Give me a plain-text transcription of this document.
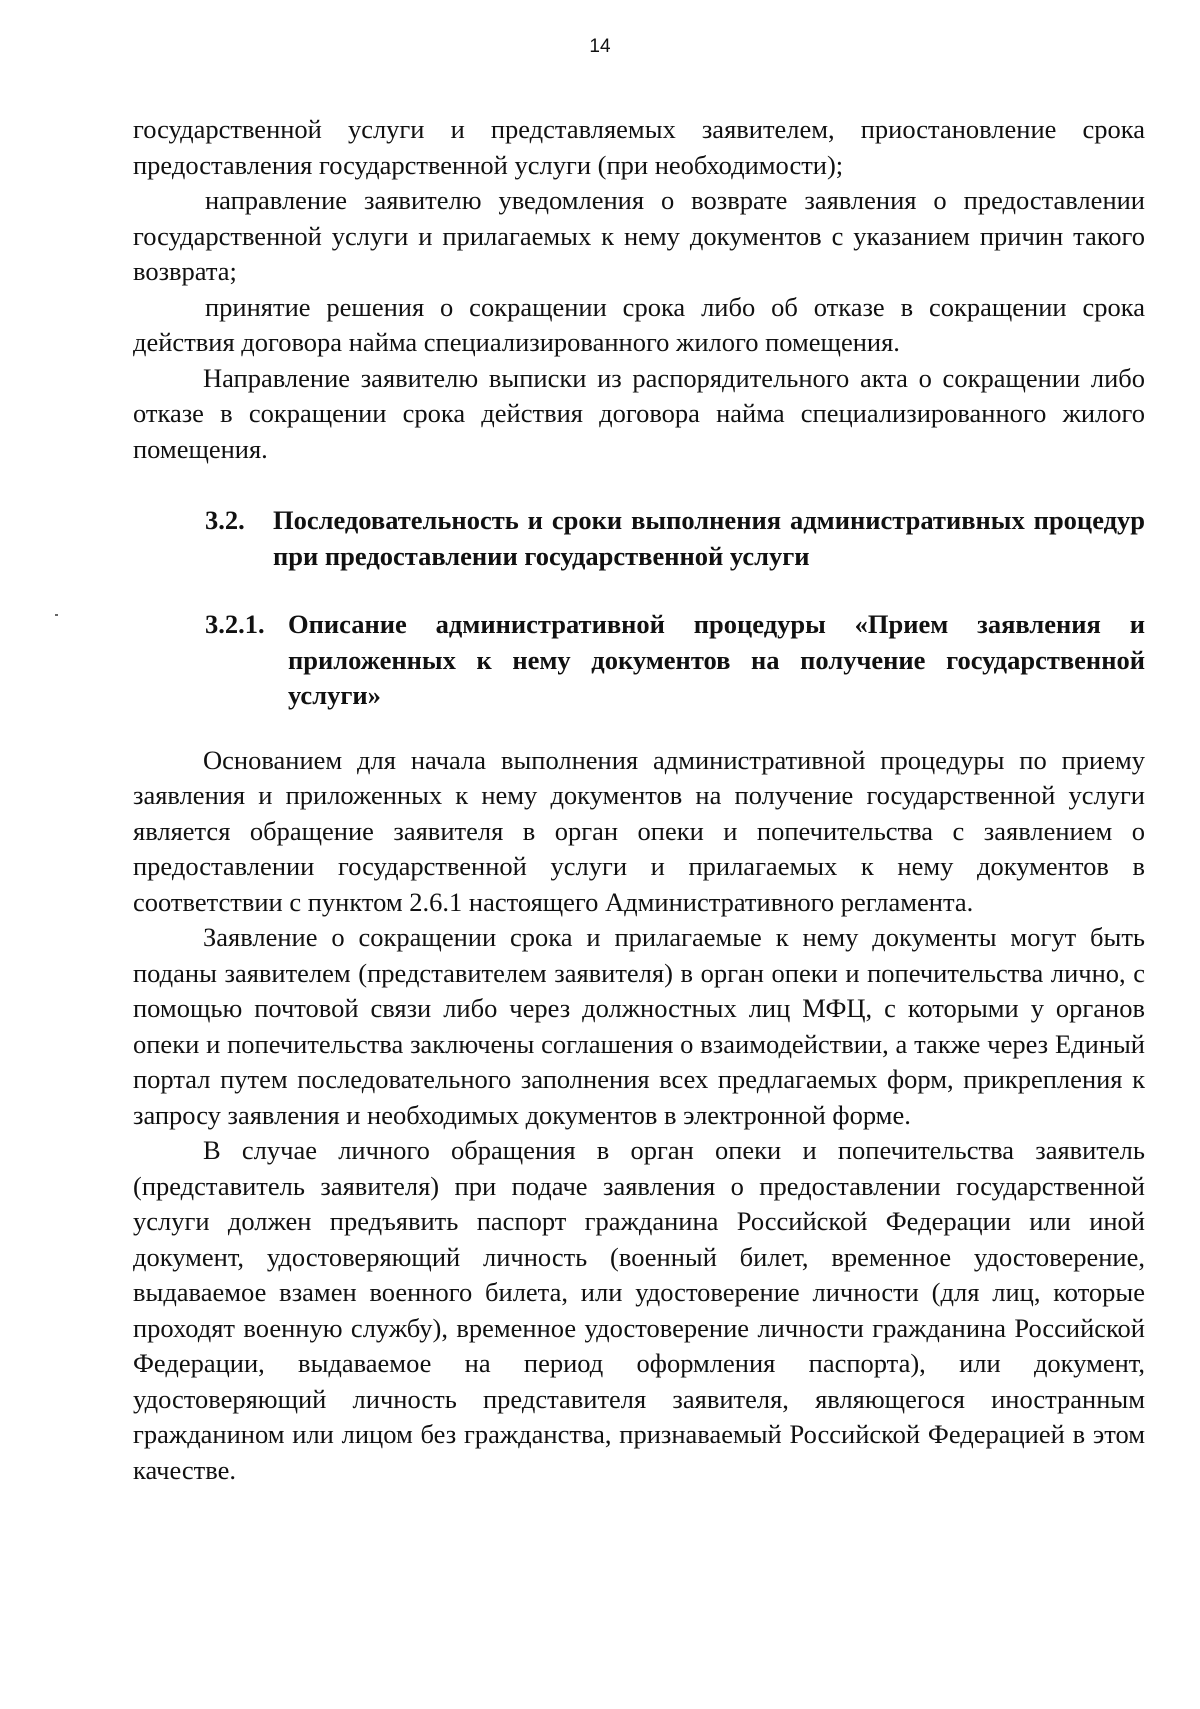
14

государственной услуги и представляемых заявителем, приостановление срока предоставления государственной услуги (при необходимости);

направление заявителю уведомления о возврате заявления о предоставлении государственной услуги и прилагаемых к нему документов с указанием причин такого возврата;

принятие решения о сокращении срока либо об отказе в сокращении срока действия договора найма специализированного жилого помещения.

Направление заявителю выписки из распорядительного акта о сокращении либо отказе в сокращении срока действия договора найма специализированного жилого помещения.

3.2.	Последовательность и сроки выполнения административных процедур при предоставлении государственной услуги
3.2.1. Описание административной процедуры «Прием заявления и приложенных к нему документов на получение государственной услуги»

Основанием для начала выполнения административной процедуры по приему заявления и приложенных к нему документов на получение государственной услуги является обращение заявителя в орган опеки и попечительства с заявлением о предоставлении государственной услуги и прилагаемых к нему документов в соответствии с пунктом 2.6.1 настоящего Административного регламента.

Заявление о сокращении срока и прилагаемые к нему документы могут быть поданы заявителем (представителем заявителя) в орган опеки и попечительства лично, с помощью почтовой связи либо через должностных лиц МФЦ, с которыми у органов опеки и попечительства заключены соглашения о взаимодействии, а также через Единый портал путем последовательного заполнения всех предлагаемых форм, прикрепления к запросу заявления и необходимых документов в электронной форме.

В случае личного обращения в орган опеки и попечительства заявитель (представитель заявителя) при подаче заявления о предоставлении государственной услуги должен предъявить паспорт гражданина Российской Федерации или иной документ, удостоверяющий личность (военный билет, временное удостоверение, выдаваемое взамен военного билета, или удостоверение личности (для лиц, которые проходят военную службу), временное удостоверение личности гражданина Российской Федерации, выдаваемое на период оформления паспорта), или документ, удостоверяющий личность представителя заявителя, являющегося иностранным гражданином или лицом без гражданства, признаваемый Российской Федерацией в этом качестве.
